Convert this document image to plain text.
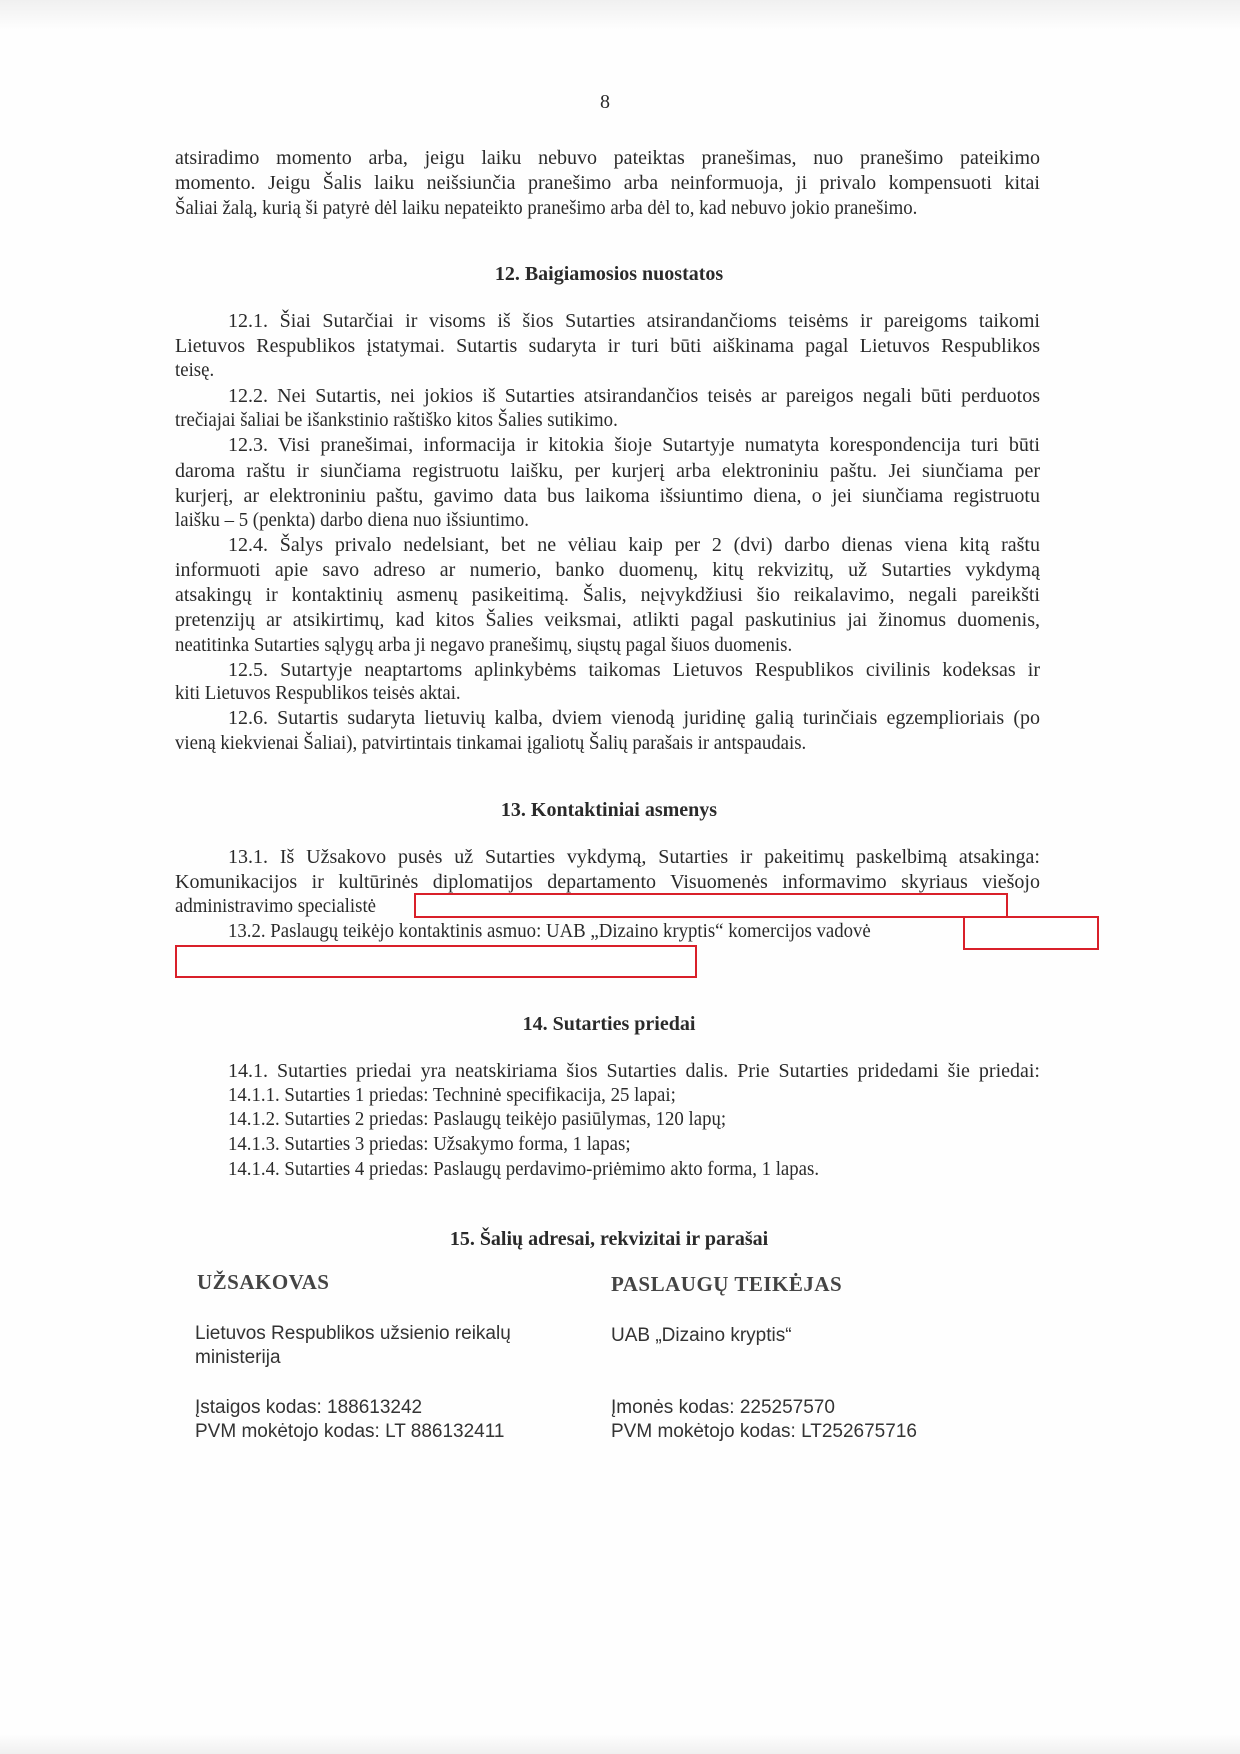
8
12. Baigiamosios nuostatos
13. Kontaktiniai asmenys
14. Sutarties priedai
15. Šalių adresai, rekvizitai ir parašai
UŽSAKOVAS	PASLAUGŲ TEIKĖJAS
Lietuvos Respublikos užsienio reikalų
ministerija
UAB „Dizaino kryptis“
Įstaigos kodas: 188613242
PVM mokėtojo kodas: LT 886132411
Įmonės kodas: 225257570
PVM mokėtojo kodas: LT252675716
atsiradimo momento arba, jeigu laiku nebuvo pateiktas pranešimas, nuo pranešimo pateikimo
momento. Jeigu Šalis laiku neišsiunčia pranešimo arba neinformuoja, ji privalo kompensuoti kitai
Šaliai žalą, kurią ši patyrė dėl laiku nepateikto pranešimo arba dėl to, kad nebuvo jokio pranešimo.
12.1. Šiai Sutarčiai ir visoms iš šios Sutarties atsirandančioms teisėms ir pareigoms taikomi
Lietuvos Respublikos įstatymai. Sutartis sudaryta ir turi būti aiškinama pagal Lietuvos Respublikos
teisę.
12.2. Nei Sutartis, nei jokios iš Sutarties atsirandančios teisės ar pareigos negali būti perduotos
trečiajai šaliai be išankstinio raštiško kitos Šalies sutikimo.
12.3. Visi pranešimai, informacija ir kitokia šioje Sutartyje numatyta korespondencija turi būti
daroma raštu ir siunčiama registruotu laišku, per kurjerį arba elektroniniu paštu. Jei siunčiama per
kurjerį, ar elektroniniu paštu, gavimo data bus laikoma išsiuntimo diena, o jei siunčiama registruotu
laišku – 5 (penkta) darbo diena nuo išsiuntimo.
12.4. Šalys privalo nedelsiant, bet ne vėliau kaip per 2 (dvi) darbo dienas viena kitą raštu
informuoti apie savo adreso ar numerio, banko duomenų, kitų rekvizitų, už Sutarties vykdymą
atsakingų ir kontaktinių asmenų pasikeitimą. Šalis, neįvykdžiusi šio reikalavimo, negali pareikšti
pretenzijų ar atsikirtimų, kad kitos Šalies veiksmai, atlikti pagal paskutinius jai žinomus duomenis,
neatitinka Sutarties sąlygų arba ji negavo pranešimų, siųstų pagal šiuos duomenis.
12.5. Sutartyje neaptartoms aplinkybėms taikomas Lietuvos Respublikos civilinis kodeksas ir
kiti Lietuvos Respublikos teisės aktai.
12.6. Sutartis sudaryta lietuvių kalba, dviem vienodą juridinę galią turinčiais egzemplioriais (po
vieną kiekvienai Šaliai), patvirtintais tinkamai įgaliotų Šalių parašais ir antspaudais.
13.1. Iš Užsakovo pusės už Sutarties vykdymą, Sutarties ir pakeitimų paskelbimą atsakinga:
Komunikacijos ir kultūrinės diplomatijos departamento Visuomenės informavimo skyriaus viešojo
administravimo specialistė
13.2. Paslaugų teikėjo kontaktinis asmuo: UAB „Dizaino kryptis“ komercijos vadovė
14.1. Sutarties priedai yra neatskiriama šios Sutarties dalis. Prie Sutarties pridedami šie priedai:
14.1.1. Sutarties 1 priedas: Techninė specifikacija, 25 lapai;
14.1.2. Sutarties 2 priedas: Paslaugų teikėjo pasiūlymas, 120 lapų;
14.1.3. Sutarties 3 priedas: Užsakymo forma, 1 lapas;
14.1.4. Sutarties 4 priedas: Paslaugų perdavimo-priėmimo akto forma, 1 lapas.
